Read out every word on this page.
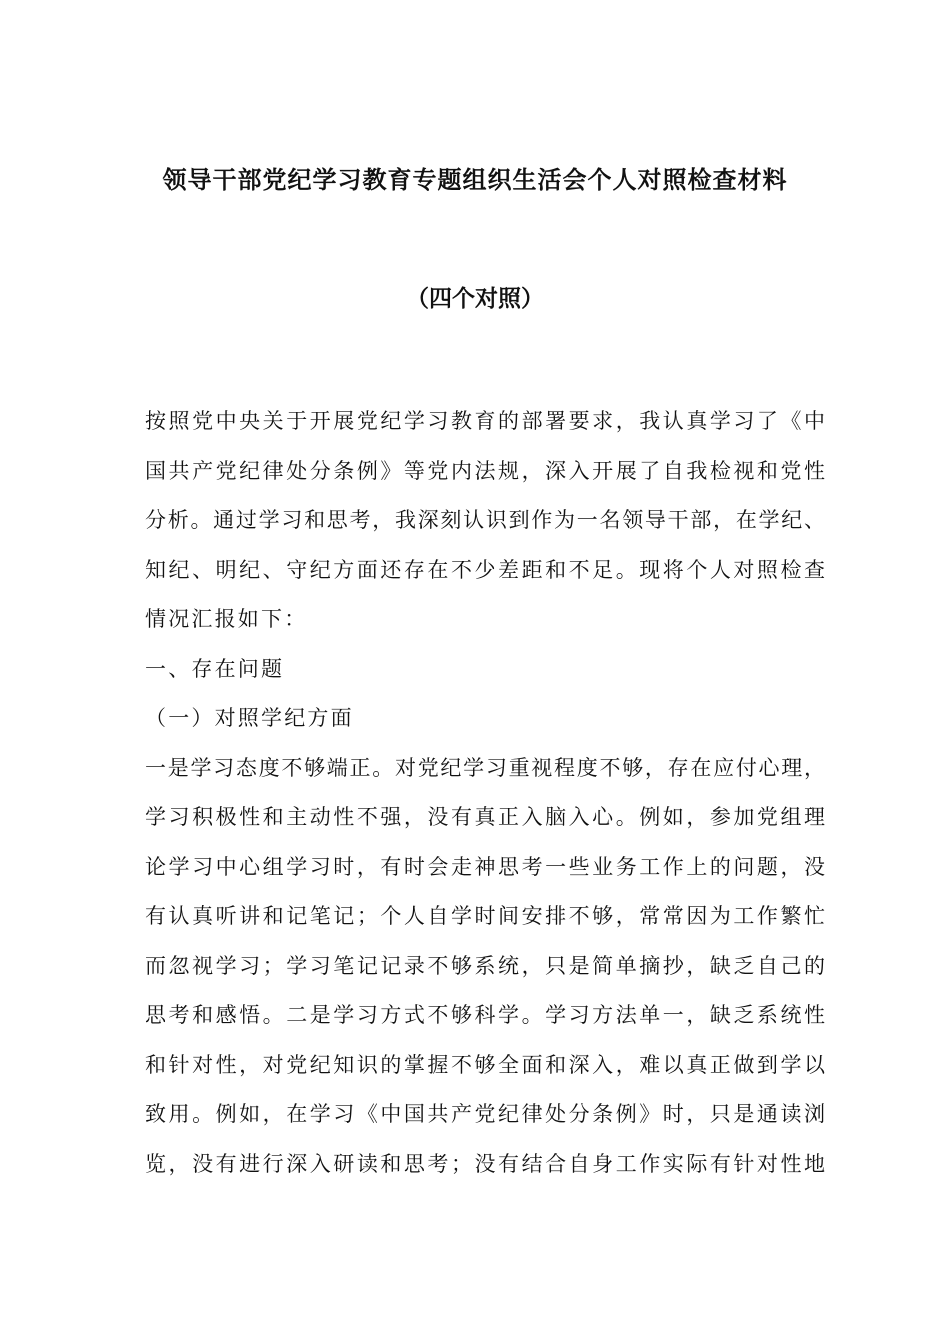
领导干部党纪学习教育专题组织生活会个人对照检查材料
（四个对照）
按照党中央关于开展党纪学习教育的部署要求，我认真学习了《中
国共产党纪律处分条例》等党内法规，深入开展了自我检视和党性
分析。通过学习和思考，我深刻认识到作为一名领导干部，在学纪、
知纪、明纪、守纪方面还存在不少差距和不足。现将个人对照检查
情况汇报如下：
一、存在问题
（一）对照学纪方面
一是学习态度不够端正。对党纪学习重视程度不够，存在应付心理，
学习积极性和主动性不强，没有真正入脑入心。例如，参加党组理
论学习中心组学习时，有时会走神思考一些业务工作上的问题，没
有认真听讲和记笔记；个人自学时间安排不够，常常因为工作繁忙
而忽视学习；学习笔记记录不够系统，只是简单摘抄，缺乏自己的
思考和感悟。二是学习方式不够科学。学习方法单一，缺乏系统性
和针对性，对党纪知识的掌握不够全面和深入，难以真正做到学以
致用。例如，在学习《中国共产党纪律处分条例》时，只是通读浏
览，没有进行深入研读和思考；没有结合自身工作实际有针对性地
